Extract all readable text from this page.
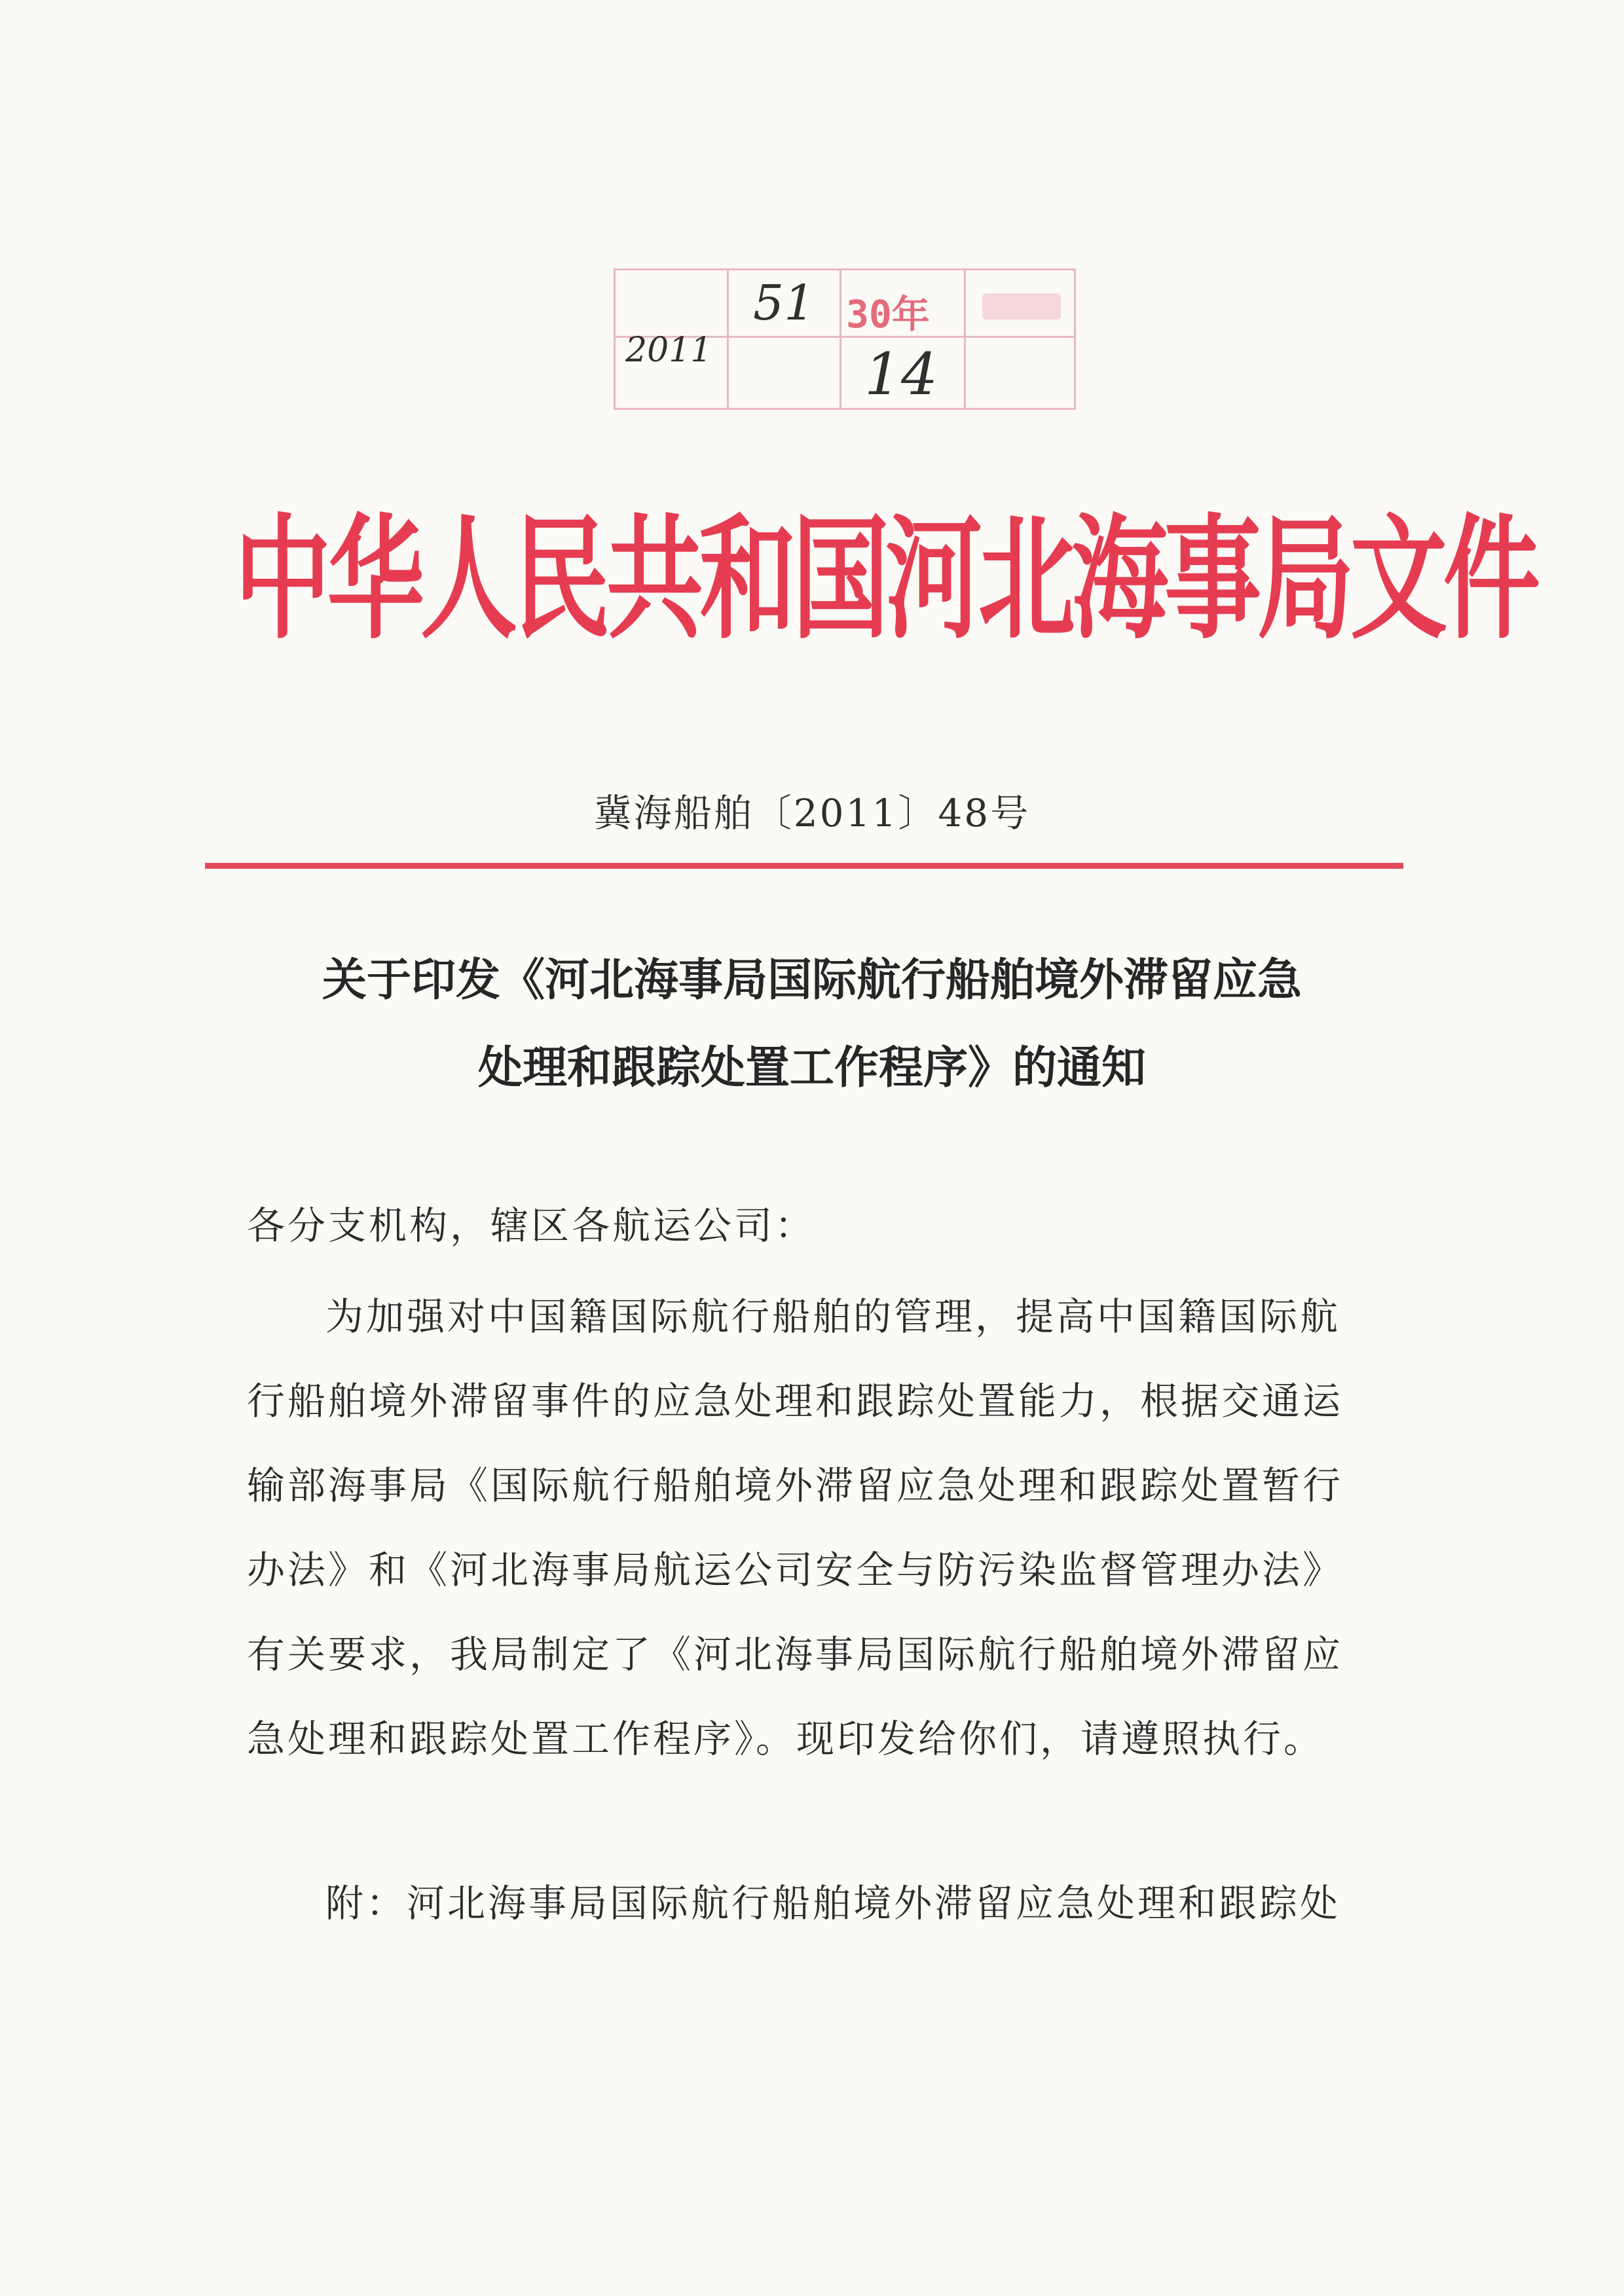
30年
51
2011	14
中华人民共和国河北海事局文件
冀海船舶〔2011〕48号
关于印发《河北海事局国际航行船舶境外滞留应急
处理和跟踪处置工作程序》的通知
各分支机构，辖区各航运公司：
为加强对中国籍国际航行船舶的管理，提高中国籍国际航
行船舶境外滞留事件的应急处理和跟踪处置能力，根据交通运
输部海事局《国际航行船舶境外滞留应急处理和跟踪处置暂行
办法》和《河北海事局航运公司安全与防污染监督管理办法》
有关要求，我局制定了《河北海事局国际航行船舶境外滞留应
急处理和跟踪处置工作程序》。现印发给你们，请遵照执行。
附：河北海事局国际航行船舶境外滞留应急处理和跟踪处
